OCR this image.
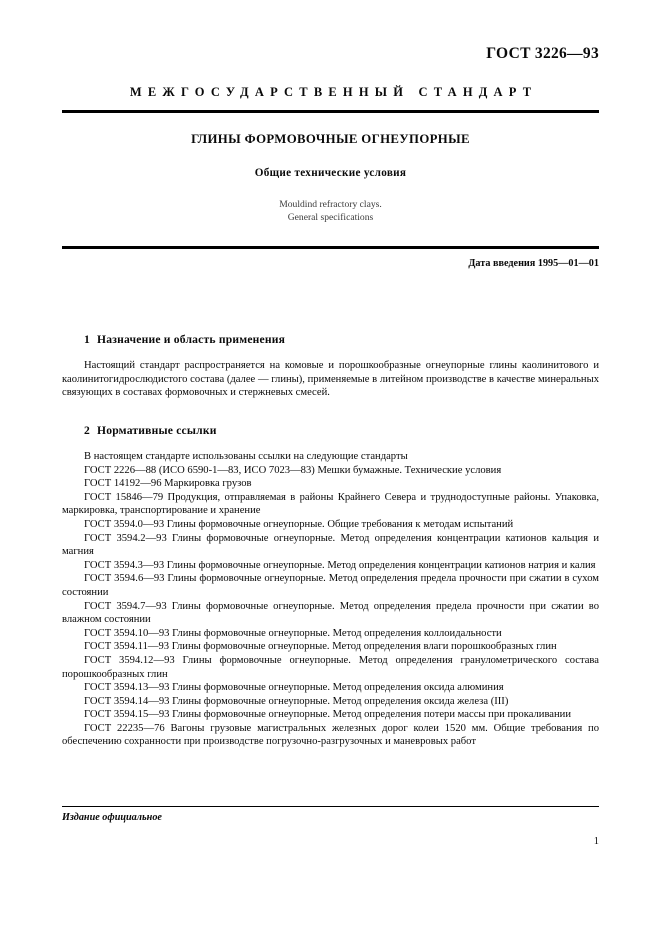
ГОСТ 3226—93
МЕЖГОСУДАРСТВЕННЫЙ СТАНДАРТ
ГЛИНЫ ФОРМОВОЧНЫЕ ОГНЕУПОРНЫЕ
Общие технические условия
Mouldind refractory clays.
General specifications
Дата введения 1995—01—01
1 Назначение и область применения

Настоящий стандарт распространяется на комовые и порошкообразные огнеупорные глины каолинитового и каолинитогидрослюдистого состава (далее — глины), применяемые в литейном производстве в качестве минеральных связующих в составах формовочных и стержневых смесей.

2 Нормативные ссылки

В настоящем стандарте использованы ссылки на следующие стандарты

ГОСТ 2226—88 (ИСО 6590-1—83, ИСО 7023—83) Мешки бумажные. Технические условия
ГОСТ 14192—96 Маркировка грузов
ГОСТ 15846—79 Продукция, отправляемая в районы Крайнего Севера и труднодоступные районы. Упаковка, маркировка, транспортирование и хранение
ГОСТ 3594.0—93 Глины формовочные огнеупорные. Общие требования к методам испытаний
ГОСТ 3594.2—93 Глины формовочные огнеупорные. Метод определения концентрации катионов кальция и магния
ГОСТ 3594.3—93 Глины формовочные огнеупорные. Метод определения концентрации катионов натрия и калия
ГОСТ 3594.6—93 Глины формовочные огнеупорные. Метод определения предела прочности при сжатии в сухом состоянии
ГОСТ 3594.7—93 Глины формовочные огнеупорные. Метод определения предела прочности при сжатии во влажном состоянии
ГОСТ 3594.10—93 Глины формовочные огнеупорные. Метод определения коллоидальности
ГОСТ 3594.11—93 Глины формовочные огнеупорные. Метод определения влаги порошкообразных глин
ГОСТ 3594.12—93 Глины формовочные огнеупорные. Метод определения гранулометрического состава порошкообразных глин
ГОСТ 3594.13—93 Глины формовочные огнеупорные. Метод определения оксида алюминия
ГОСТ 3594.14—93 Глины формовочные огнеупорные. Метод определения оксида железа (III)
ГОСТ 3594.15—93 Глины формовочные огнеупорные. Метод определения потери массы при прокаливании
ГОСТ 22235—76 Вагоны грузовые магистральных железных дорог колеи 1520 мм. Общие требования по обеспечению сохранности при производстве погрузочно-разгрузочных и маневровых работ
Издание официальное
1
